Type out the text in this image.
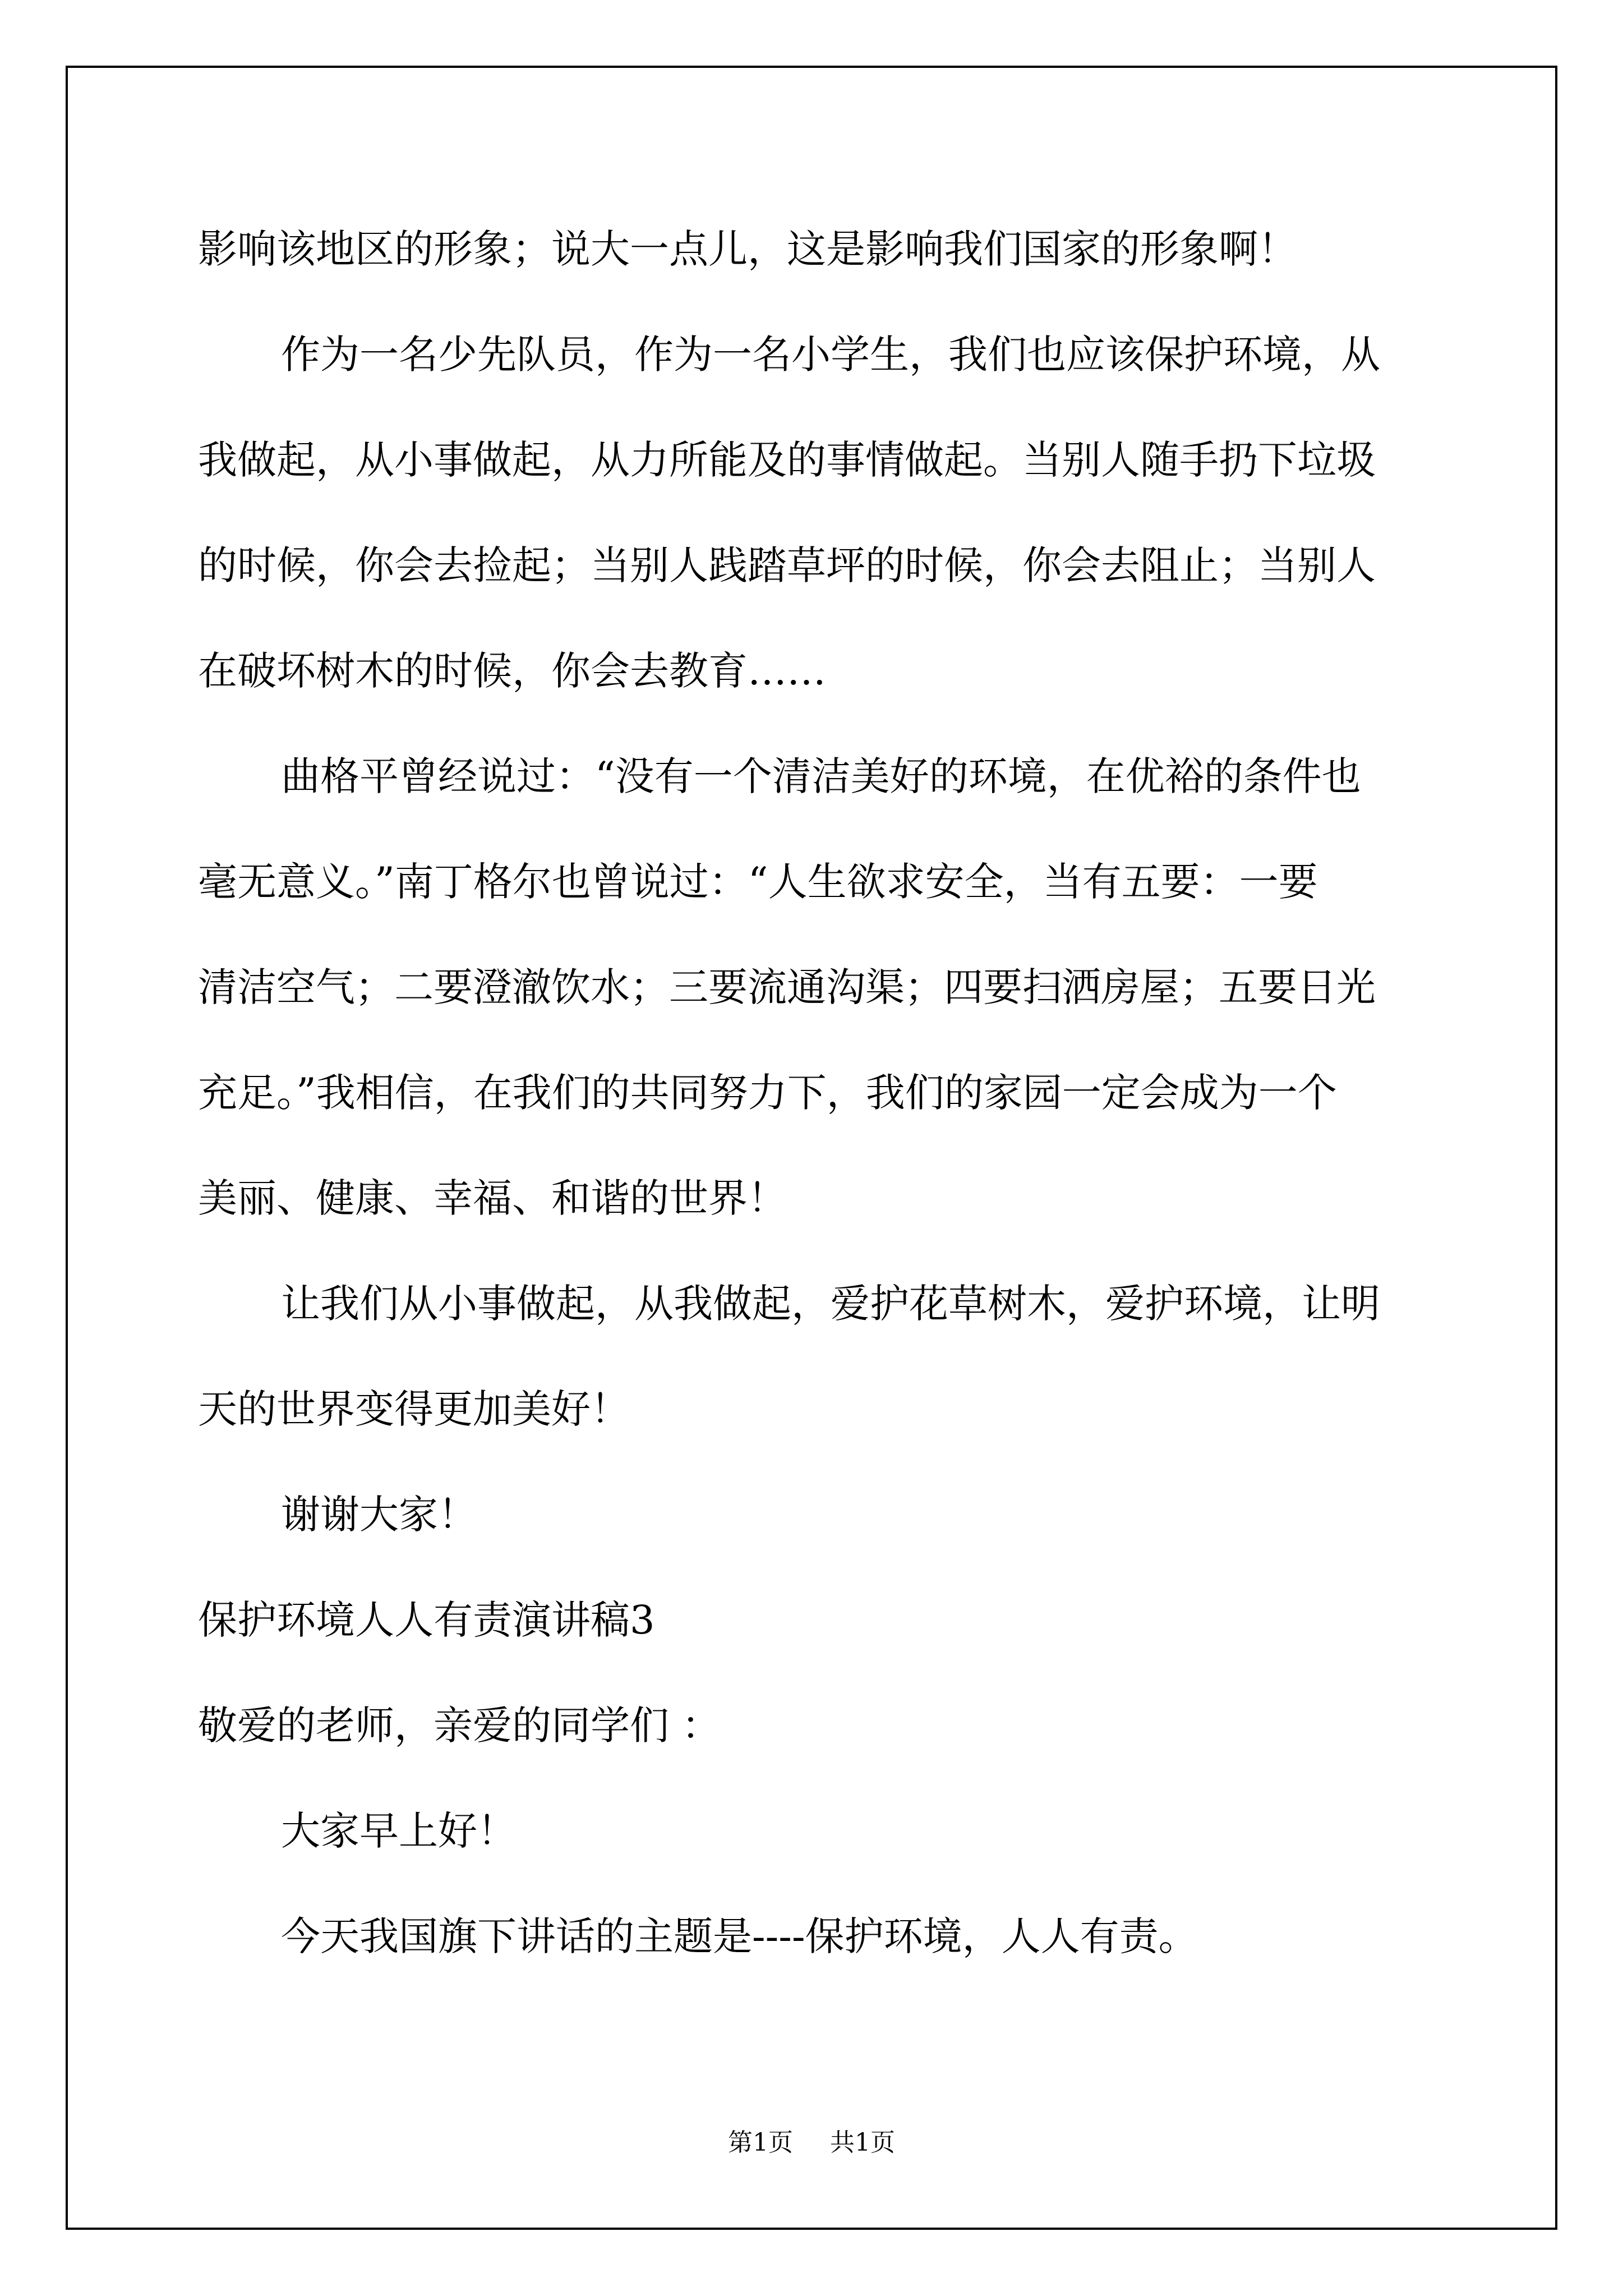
影响该地区的形象；说大一点儿，这是影响我们国家的形象啊！

作为一名少先队员，作为一名小学生，我们也应该保护环境，从

我做起，从小事做起，从力所能及的事情做起。当别人随手扔下垃圾

的时候，你会去捡起；当别人践踏草坪的时候，你会去阻止；当别人

在破坏树木的时候，你会去教育……

曲格平曾经说过：“没有一个清洁美好的环境，在优裕的条件也

毫无意义。”南丁格尔也曾说过：“人生欲求安全，当有五要：一要

清洁空气；二要澄澈饮水；三要流通沟渠；四要扫洒房屋；五要日光

充足。”我相信，在我们的共同努力下，我们的家园一定会成为一个

美丽、健康、幸福、和谐的世界！

让我们从小事做起，从我做起，爱护花草树木，爱护环境，让明

天的世界变得更加美好！

谢谢大家！

保护环境人人有责演讲稿3

敬爱的老师，亲爱的同学们 ：

大家早上好！

今天我国旗下讲话的主题是----保护环境，人人有责。

第1页 共1页
